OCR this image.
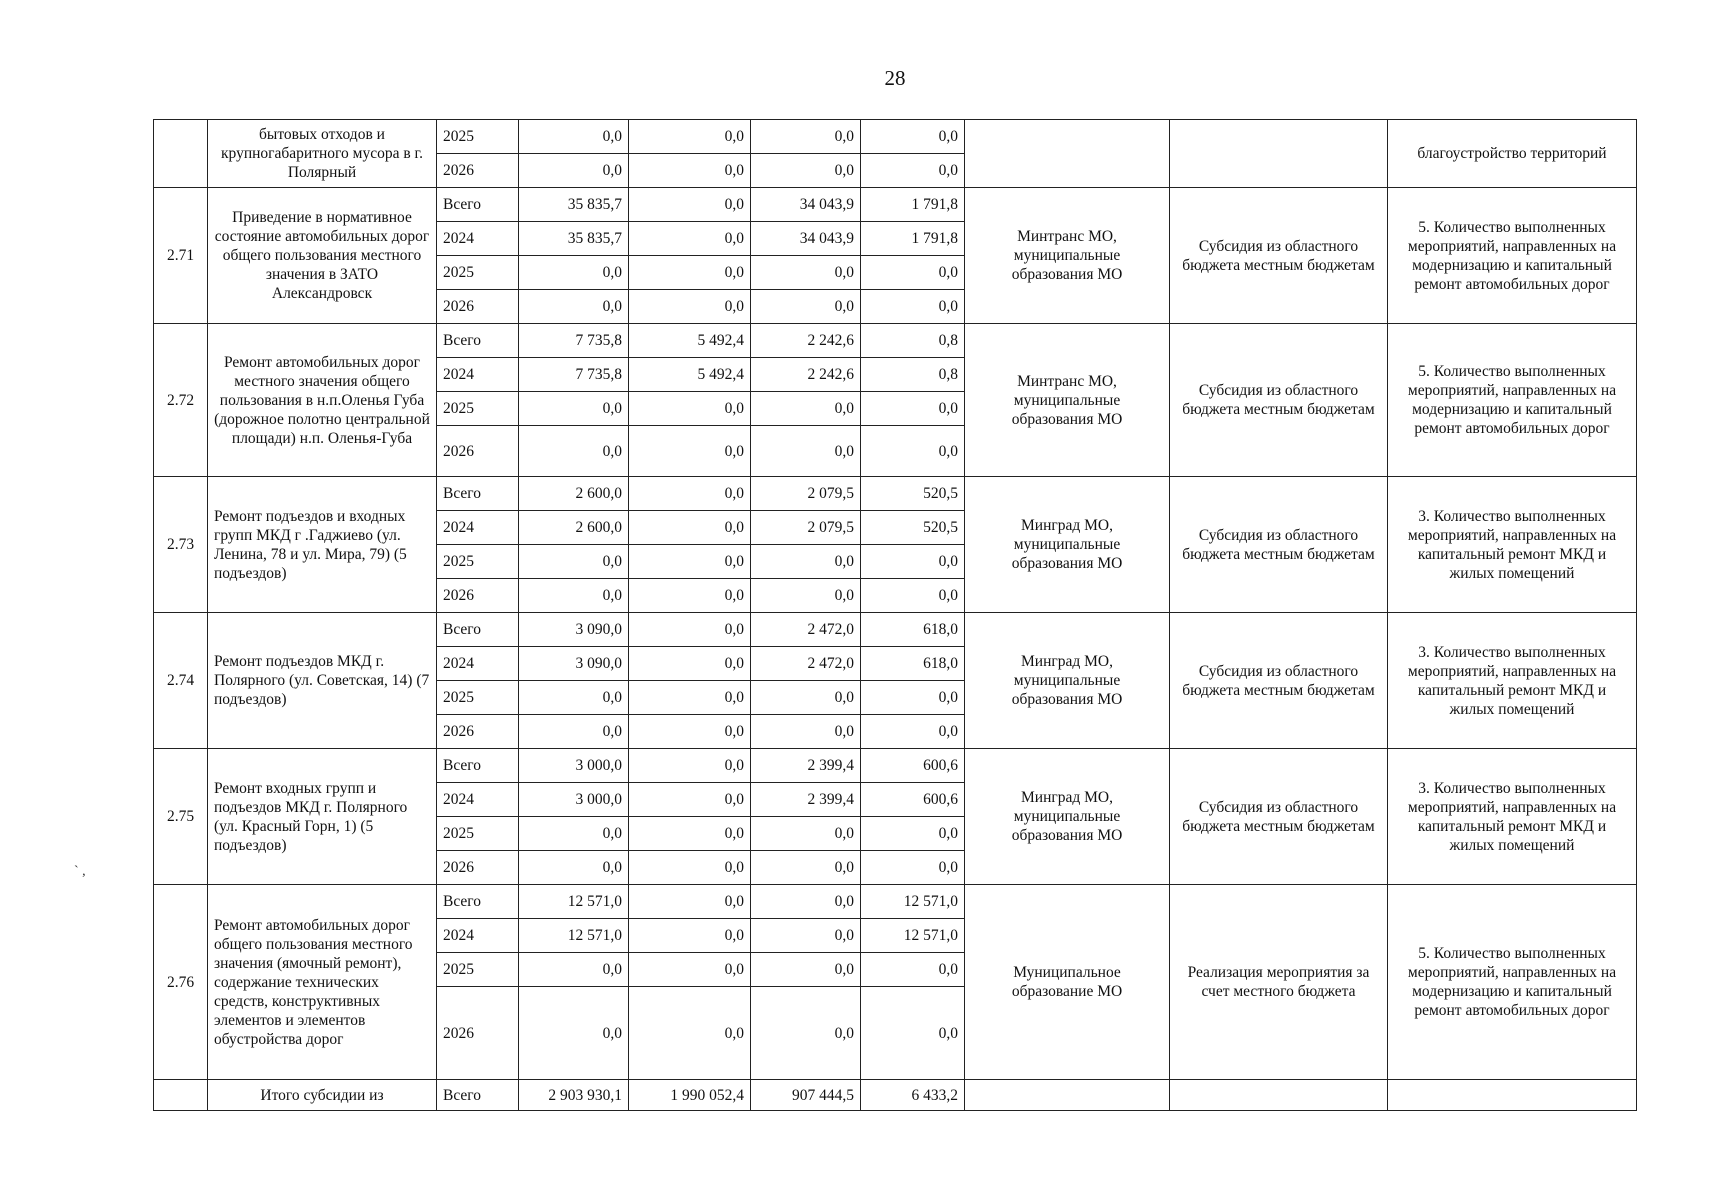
28
	бытовых отходов и крупногабаритного мусора в г. Полярный	2025	0,0	0,0	0,0	0,0			благоустройство территорий
		2026	0,0	0,0	0,0	0,0			
2.71	Приведение в нормативное состояние автомобильных дорог общего пользования местного значения в ЗАТО Александровск	Всего	35 835,7	0,0	34 043,9	1 791,8	Минтранс МО, муниципальные образования МО	Субсидия из областного бюджета местным бюджетам	5. Количество выполненных мероприятий, направленных на модернизацию и капитальный ремонт автомобильных дорог
		2024	35 835,7	0,0	34 043,9	1 791,8			
		2025	0,0	0,0	0,0	0,0			
		2026	0,0	0,0	0,0	0,0			
2.72	Ремонт автомобильных дорог местного значения общего пользования в н.п.Оленья Губа (дорожное полотно центральной площади) н.п. Оленья-Губа	Всего	7 735,8	5 492,4	2 242,6	0,8	Минтранс МО, муниципальные образования МО	Субсидия из областного бюджета местным бюджетам	5. Количество выполненных мероприятий, направленных на модернизацию и капитальный ремонт автомобильных дорог
		2024	7 735,8	5 492,4	2 242,6	0,8			
		2025	0,0	0,0	0,0	0,0			
		2026	0,0	0,0	0,0	0,0			
2.73	Ремонт подъездов и входных групп МКД г .Гаджиево (ул. Ленина, 78 и ул. Мира, 79) (5 подъездов)	Всего	2 600,0	0,0	2 079,5	520,5	Минград МО, муниципальные образования МО	Субсидия из областного бюджета местным бюджетам	3. Количество выполненных мероприятий, направленных на капитальный ремонт МКД и жилых помещений
		2024	2 600,0	0,0	2 079,5	520,5			
		2025	0,0	0,0	0,0	0,0			
		2026	0,0	0,0	0,0	0,0			
2.74	Ремонт подъездов МКД г. Полярного (ул. Советская, 14) (7 подъездов)	Всего	3 090,0	0,0	2 472,0	618,0	Минград МО, муниципальные образования МО	Субсидия из областного бюджета местным бюджетам	3. Количество выполненных мероприятий, направленных на капитальный ремонт МКД и жилых помещений
		2024	3 090,0	0,0	2 472,0	618,0			
		2025	0,0	0,0	0,0	0,0			
		2026	0,0	0,0	0,0	0,0			
2.75	Ремонт входных групп и подъездов МКД г. Полярного (ул. Красный Горн, 1) (5 подъездов)	Всего	3 000,0	0,0	2 399,4	600,6	Минград МО, муниципальные образования МО	Субсидия из областного бюджета местным бюджетам	3. Количество выполненных мероприятий, направленных на капитальный ремонт МКД и жилых помещений
		2024	3 000,0	0,0	2 399,4	600,6			
		2025	0,0	0,0	0,0	0,0			
		2026	0,0	0,0	0,0	0,0			
2.76	Ремонт автомобильных дорог общего пользования местного значения (ямочный ремонт), содержание технических средств, конструктивных элементов и элементов обустройства дорог	Всего	12 571,0	0,0	0,0	12 571,0	Муниципальное образование МО	Реализация мероприятия за счет местного бюджета	5. Количество выполненных мероприятий, направленных на модернизацию и капитальный ремонт автомобильных дорог
		2024	12 571,0	0,0	0,0	12 571,0			
		2025	0,0	0,0	0,0	0,0			
		2026	0,0	0,0	0,0	0,0			
	Итого субсидии из	Всего	2 903 930,1	1 990 052,4	907 444,5	6 433,2			
` ,
